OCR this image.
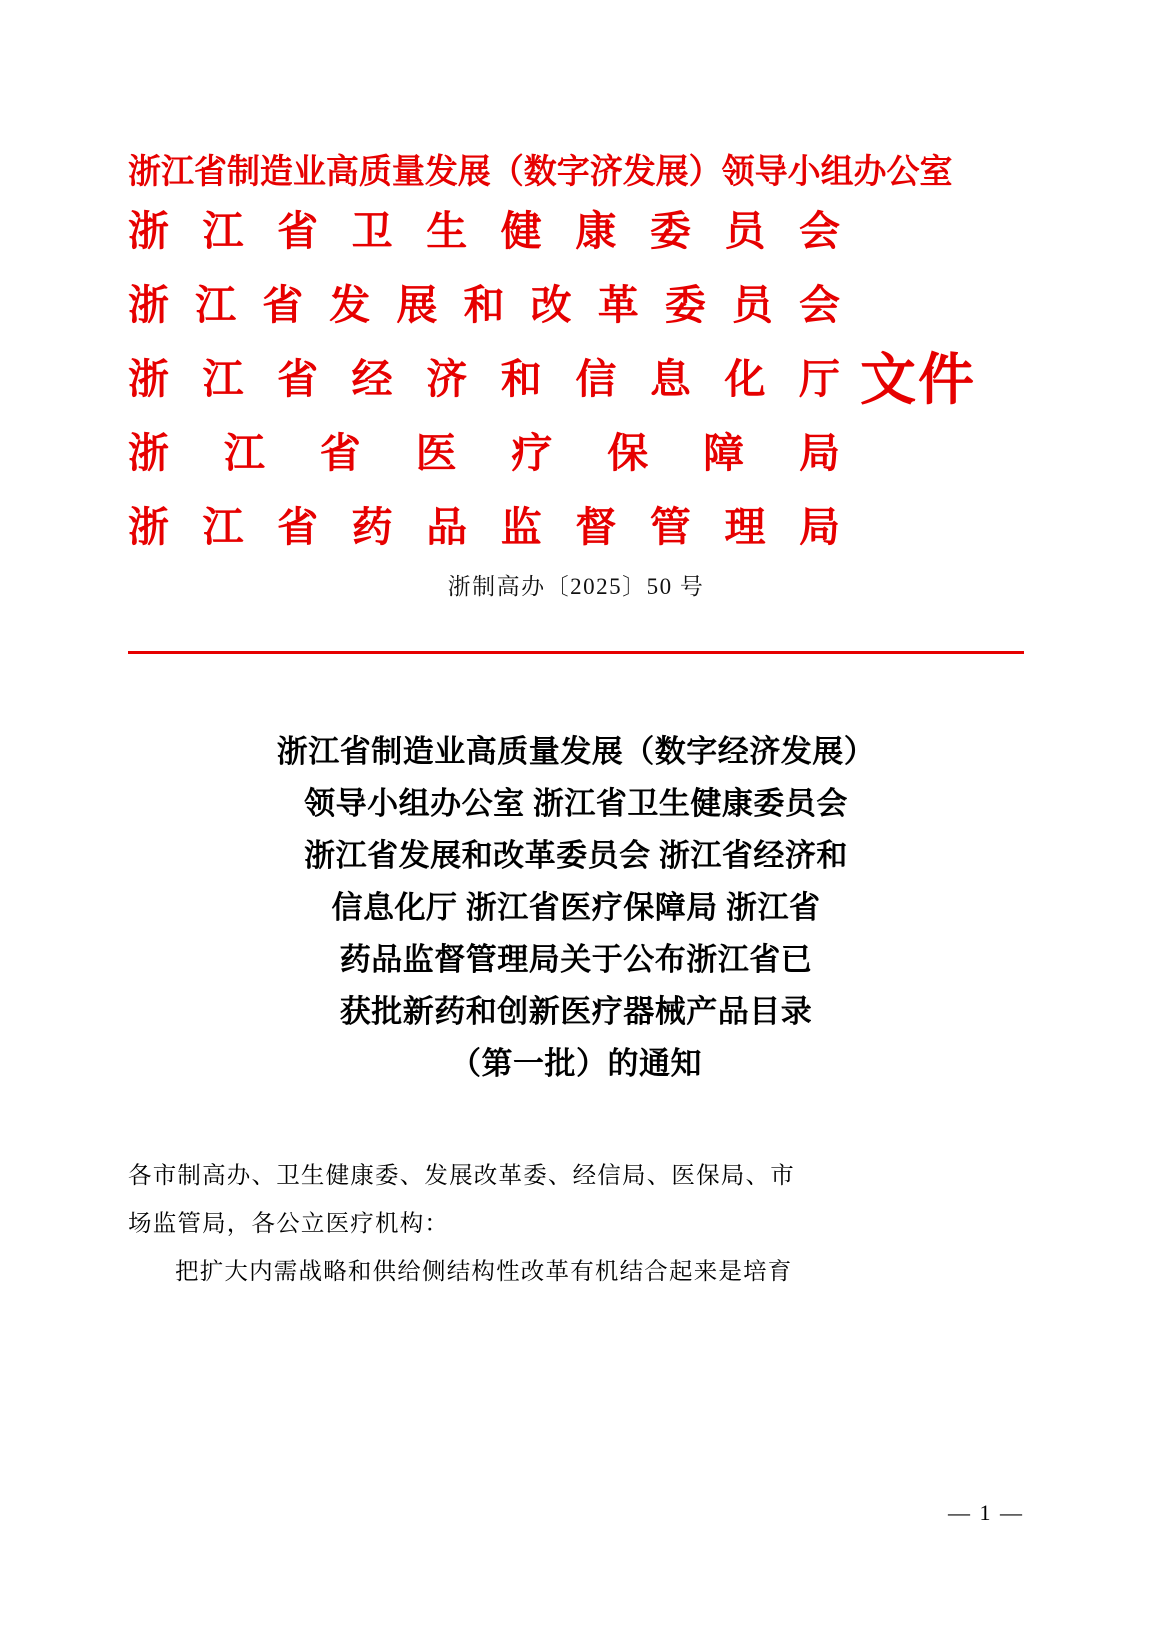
浙江省制造业高质量发展（数字济发展）领导小组办公室
浙江省卫生健康委员会
浙江省发展和改革委员会
浙江省经济和信息化厅
浙江省医疗保障局
浙江省药品监督管理局
文件
浙制高办〔2025〕50 号
浙江省制造业高质量发展（数字经济发展）
领导小组办公室 浙江省卫生健康委员会
浙江省发展和改革委员会 浙江省经济和
信息化厅 浙江省医疗保障局 浙江省
药品监督管理局关于公布浙江省已
获批新药和创新医疗器械产品目录
（第一批）的通知

各市制高办、卫生健康委、发展改革委、经信局、医保局、市

场监管局，各公立医疗机构：

把扩大内需战略和供给侧结构性改革有机结合起来是培育

— 1 —
